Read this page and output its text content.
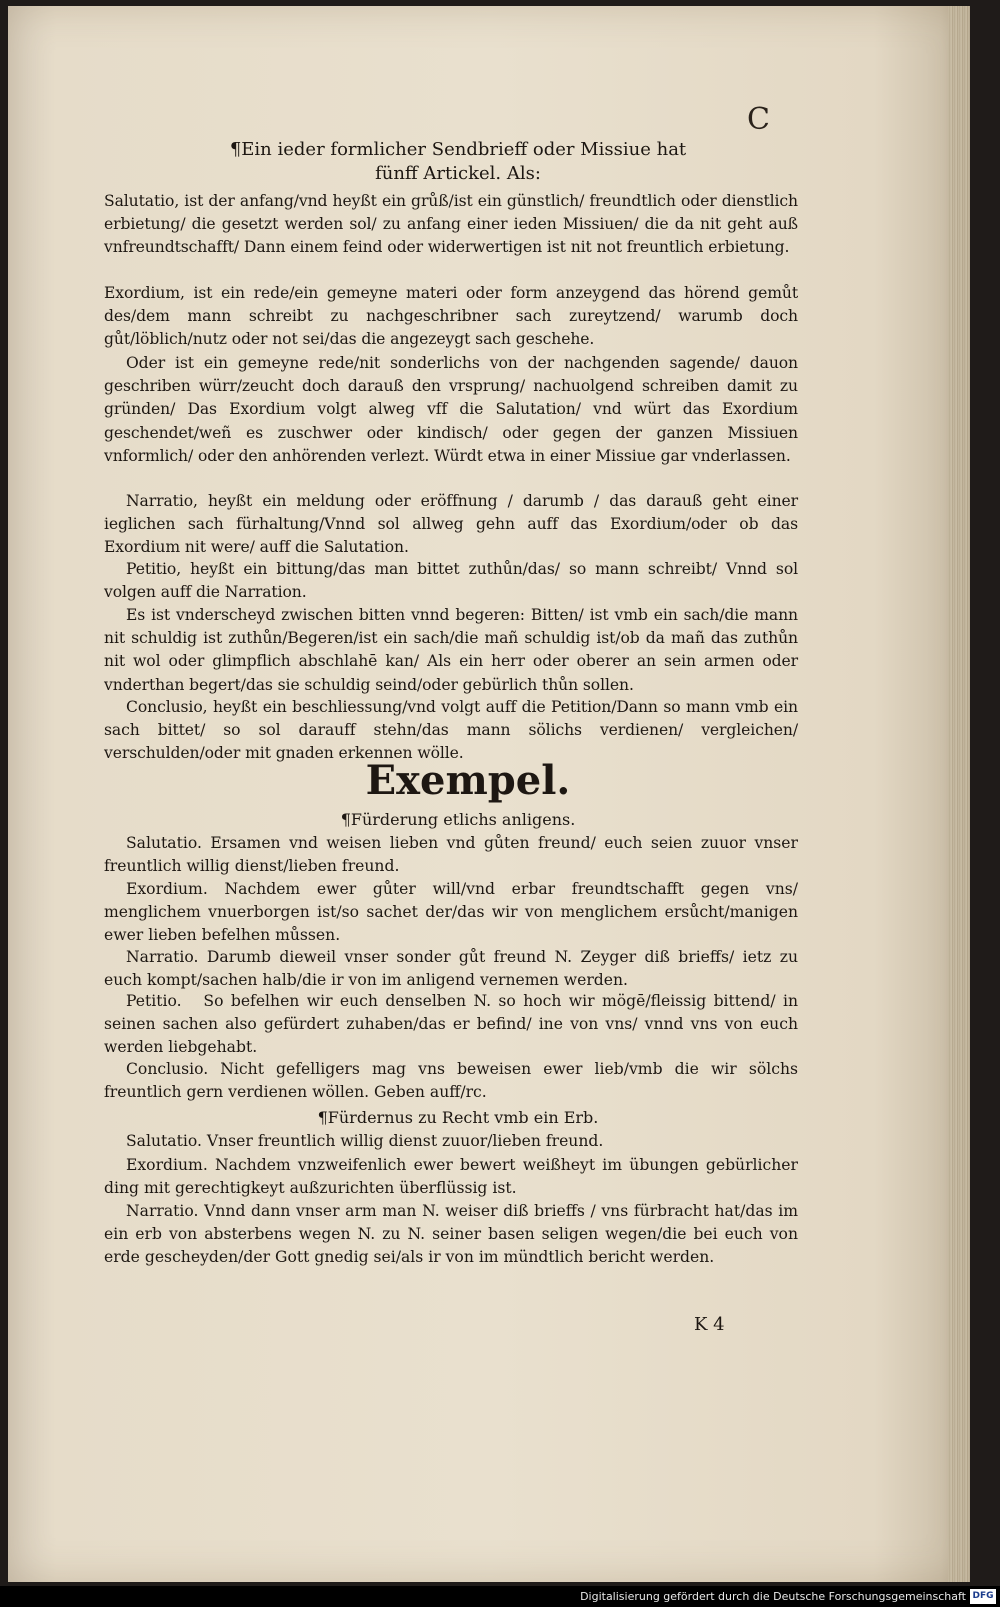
C
¶Ein ieder formlicher Sendbrieff oder Missiue hat
fünff Artickel. Als:

Salutatio, ist der anfang/vnd heyßt ein grůß/ist ein günstlich/ freundtlich oder dienstlich erbietung/ die gesetzt werden sol/ zu anfang einer ieden Missiuen/ die da nit geht auß vnfreundtschafft/ Dann einem feind oder widerwertigen ist nit not freuntlich erbietung.

Exordium, ist ein rede/ein gemeyne materi oder form anzeygend das hörend gemůt des/dem mann schreibt zu nachgeschribner sach zureytzend/ warumb doch gůt/löblich/nutz oder not sei/das die angezeygt sach geschehe.

Oder ist ein gemeyne rede/nit sonderlichs von der nachgenden sagende/ dauon geschriben würr/zeucht doch darauß den vrsprung/ nachuolgend schreiben damit zu gründen/ Das Exordium volgt alweg vff die Salutation/ vnd würt das Exordium geschendet/weñ es zuschwer oder kindisch/ oder gegen der ganzen Missiuen vnformlich/ oder den anhörenden verlezt. Würdt etwa in einer Missiue gar vnderlassen.

Narratio, heyßt ein meldung oder eröffnung / darumb / das darauß geht einer ieglichen sach fürhaltung/Vnnd sol allweg gehn auff das Exordium/oder ob das Exordium nit were/ auff die Salutation.

Petitio, heyßt ein bittung/das man bittet zuthůn/das/ so mann schreibt/ Vnnd sol volgen auff die Narration.

Es ist vnderscheyd zwischen bitten vnnd begeren: Bitten/ ist vmb ein sach/die mann nit schuldig ist zuthůn/Begeren/ist ein sach/die mañ schuldig ist/ob da mañ das zuthůn nit wol oder glimpflich abschlahē kan/ Als ein herr oder oberer an sein armen oder vnderthan begert/das sie schuldig seind/oder gebürlich thůn sollen.

Conclusio, heyßt ein beschliessung/vnd volgt auff die Petition/Dann so mann vmb ein sach bittet/ so sol darauff stehn/das mann sölichs verdienen/ vergleichen/ verschulden/oder mit gnaden erkennen wölle.

Exempel.
¶Fürderung etlichs anligens.

Salutatio. Ersamen vnd weisen lieben vnd gůten freund/ euch seien zuuor vnser freuntlich willig dienst/lieben freund.

Exordium. Nachdem ewer gůter will/vnd erbar freundtschafft gegen vns/ menglichem vnuerborgen ist/so sachet der/das wir von menglichem ersůcht/manigen ewer lieben befelhen můssen.

Narratio. Darumb dieweil vnser sonder gůt freund N. Zeyger diß brieffs/ ietz zu euch kompt/sachen halb/die ir von im anligend vernemen werden.

Petitio. So befelhen wir euch denselben N. so hoch wir mögē/fleissig bittend/ in seinen sachen also gefürdert zuhaben/das er befind/ ine von vns/ vnnd vns von euch werden liebgehabt.

Conclusio. Nicht gefelligers mag vns beweisen ewer lieb/vmb die wir sölchs freuntlich gern verdienen wöllen. Geben auff/rc.

¶Fürdernus zu Recht vmb ein Erb.

Salutatio. Vnser freuntlich willig dienst zuuor/lieben freund.

Exordium. Nachdem vnzweifenlich ewer bewert weißheyt im übungen gebürlicher ding mit gerechtigkeyt außzurichten überflüssig ist.

Narratio. Vnnd dann vnser arm man N. weiser diß brieffs / vns fürbracht hat/das im ein erb von absterbens wegen N. zu N. seiner basen seligen wegen/die bei euch von erde gescheyden/der Gott gnedig sei/als ir von im mündtlich bericht werden.

K 4
Digitalisierung gefördert durch die Deutsche Forschungsgemeinschaft DFG
